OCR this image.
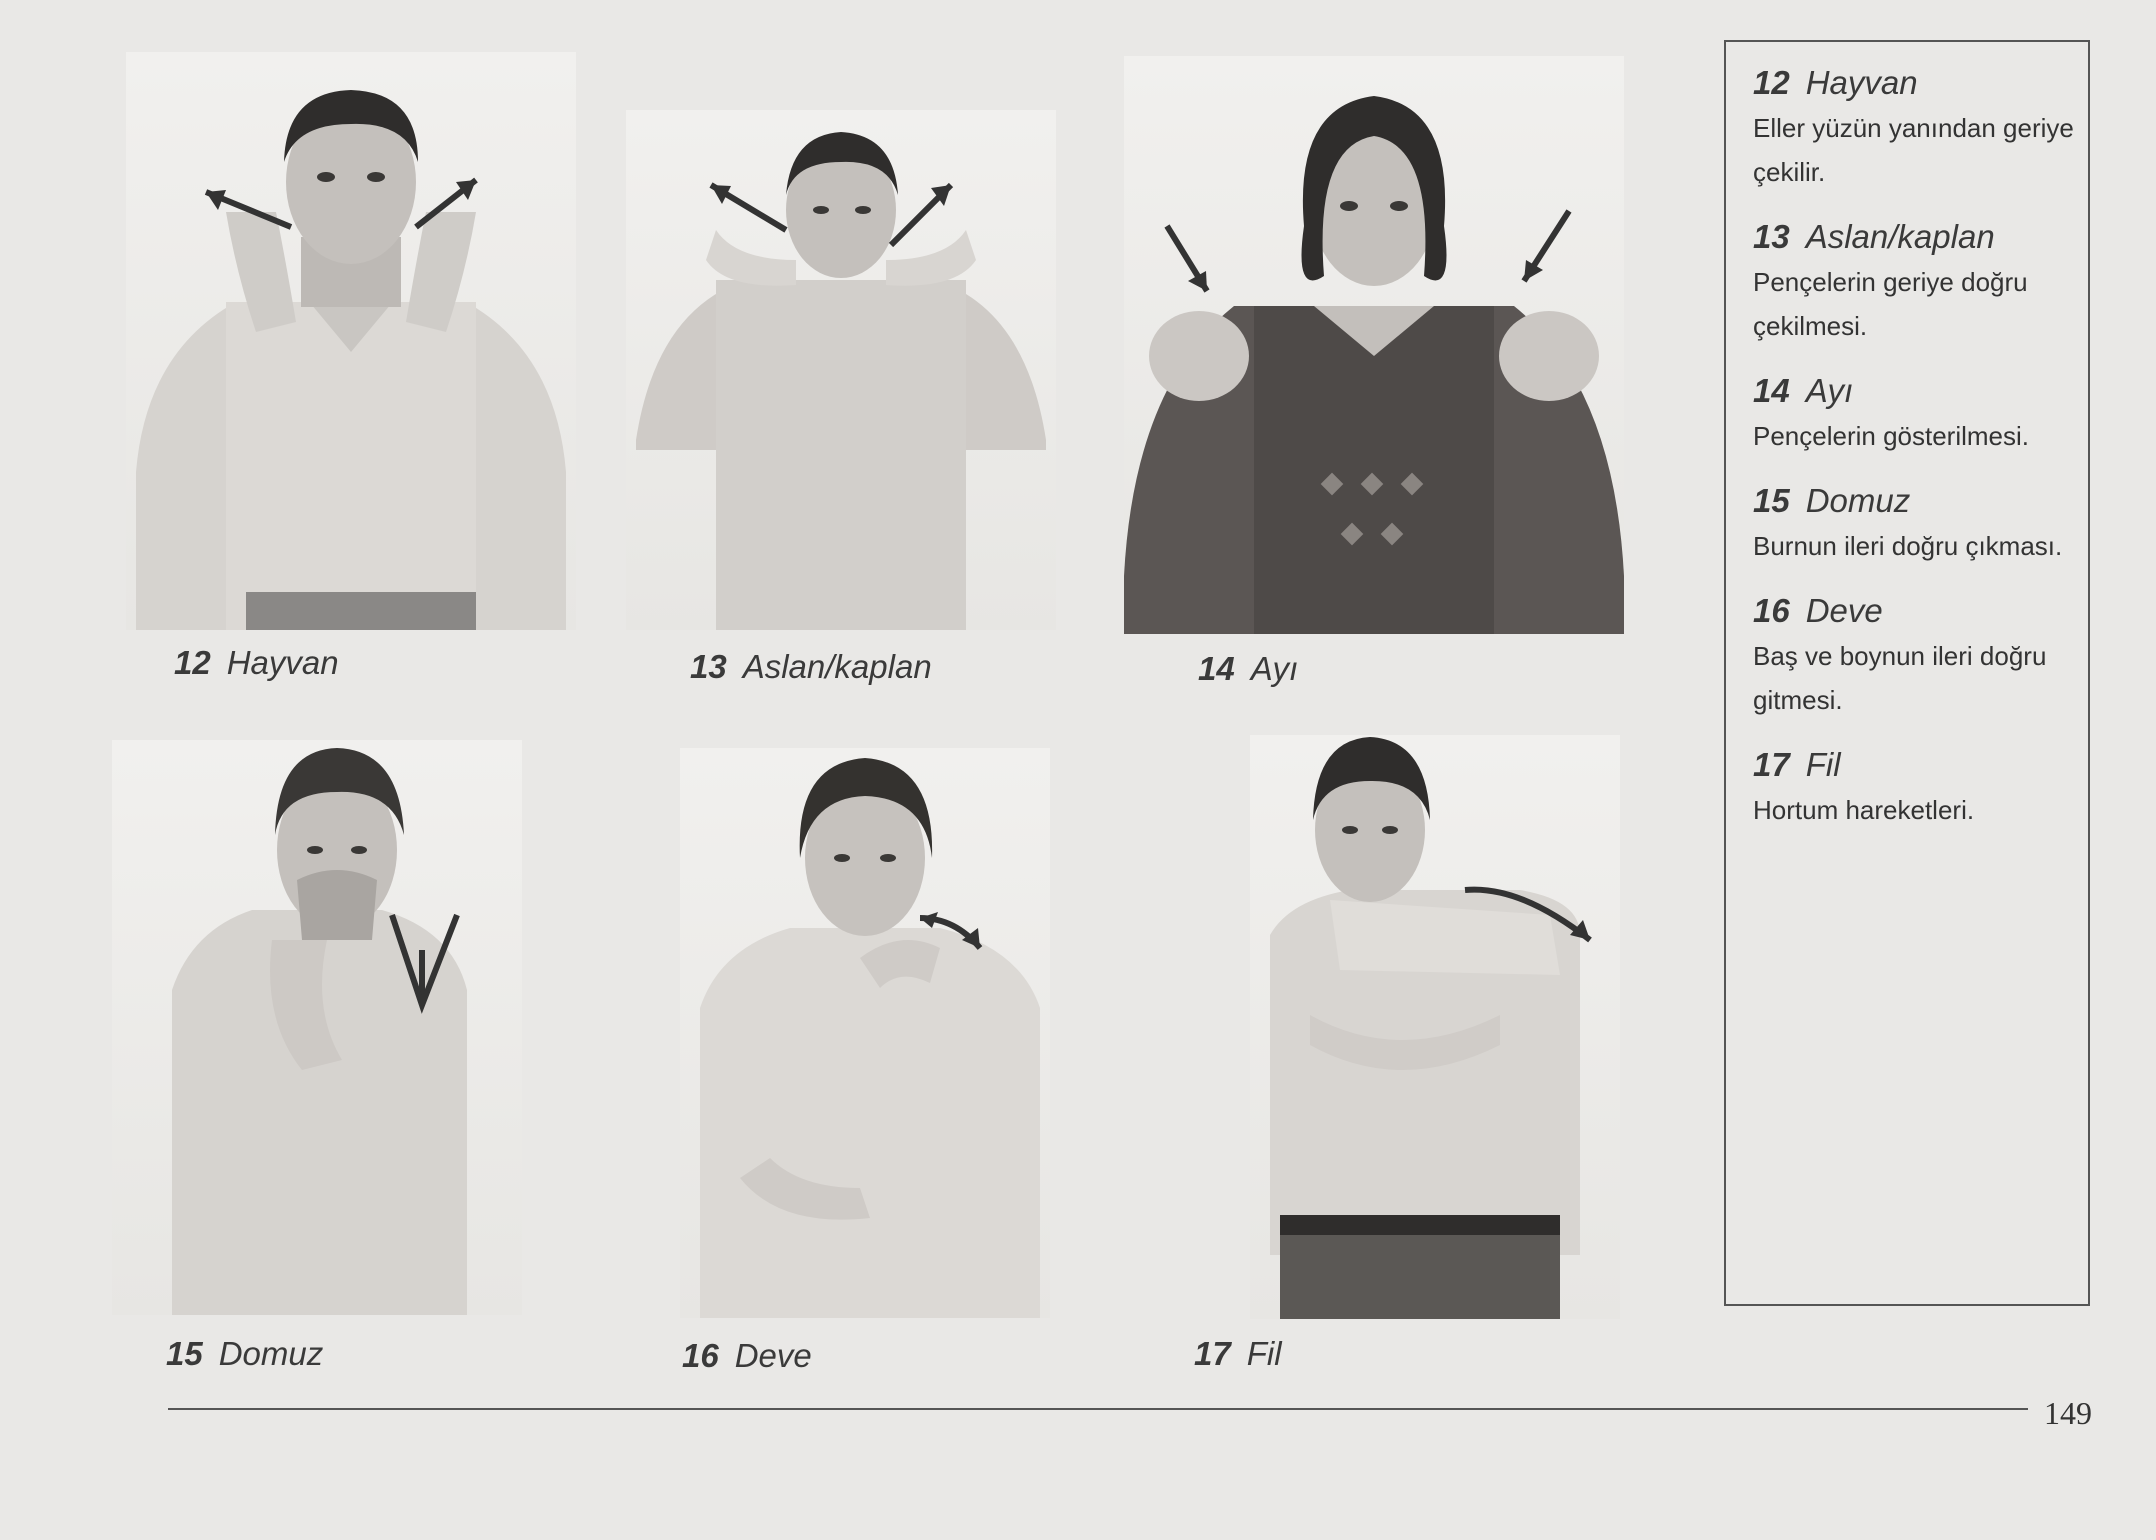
12 Hayvan	13 Aslan/kaplan	14 Ayı
15 Domuz	16 Deve	17 Fil
12 Hayvan
Eller yüzün yanından geriye çekilir.
13 Aslan/kaplan
Pençelerin geriye doğru çekilmesi.
14 Ayı
Pençelerin gösterilmesi.
15 Domuz
Burnun ileri doğru çıkması.
16 Deve
Baş ve boynun ileri doğru gitmesi.
17 Fil
Hortum hareketleri.
149
